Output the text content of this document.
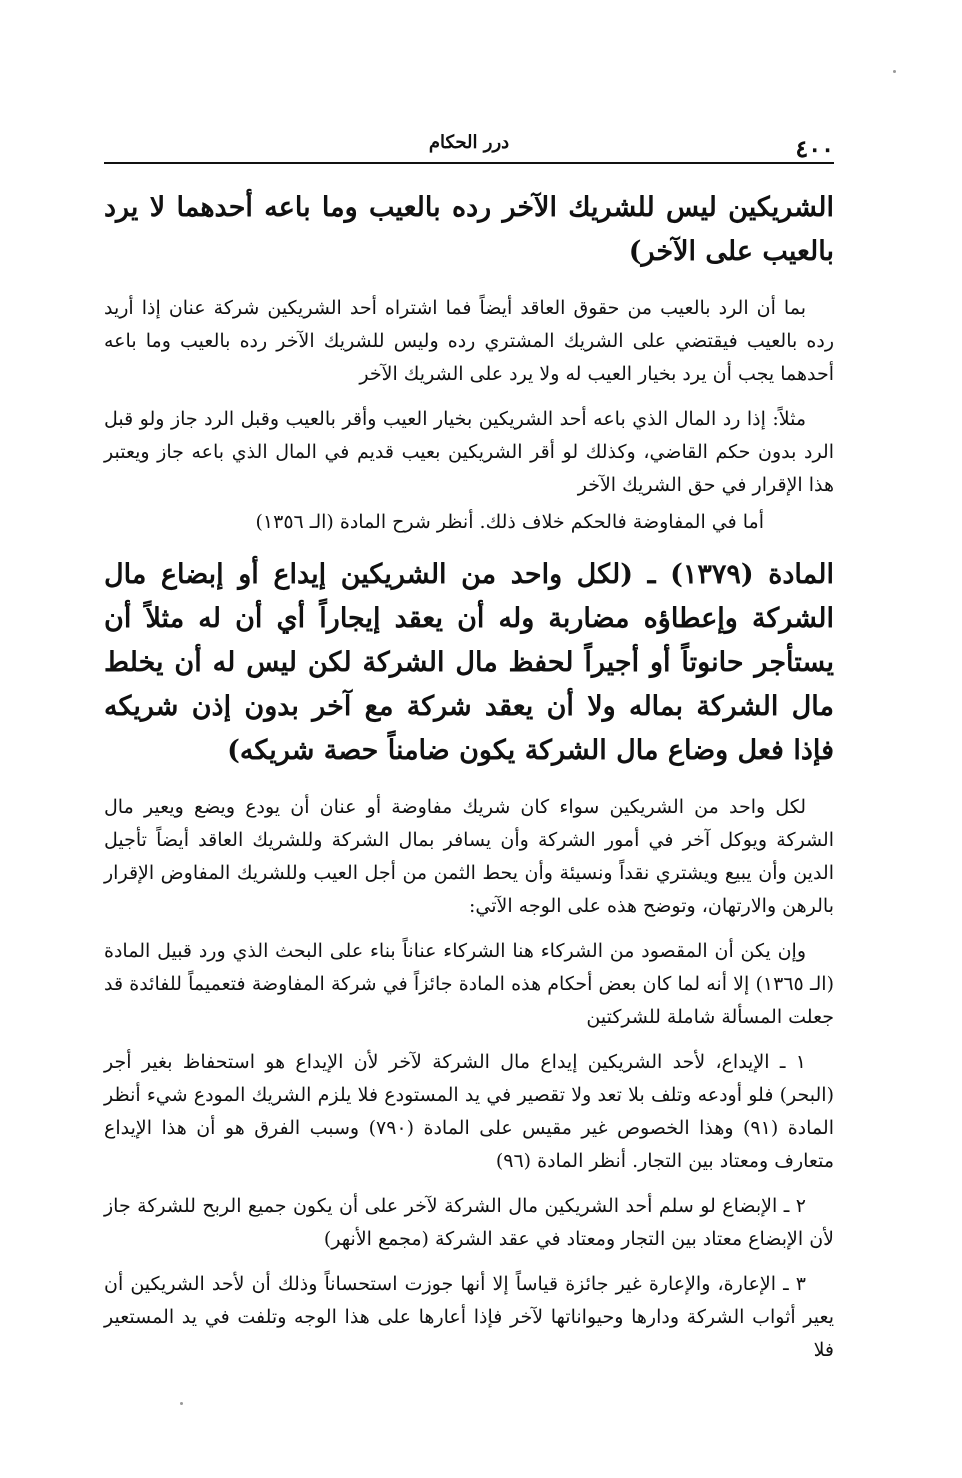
٤٠٠
درر الحكام

الشريكين ليس للشريك الآخر رده بالعيب وما باعه أحدهما لا يرد بالعيب على الآخر)

بما أن الرد بالعيب من حقوق العاقد أيضاً فما اشتراه أحد الشريكين شركة عنان إذا أريد رده بالعيب فيقتضي على الشريك المشتري رده وليس للشريك الآخر رده بالعيب وما باعه أحدهما يجب أن يرد بخيار العيب له ولا يرد على الشريك الآخر

مثلاً: إذا رد المال الذي باعه أحد الشريكين بخيار العيب وأقر بالعيب وقبل الرد جاز ولو قبل الرد بدون حكم القاضي، وكذلك لو أقر الشريكين بعيب قديم في المال الذي باعه جاز ويعتبر هذا الإقرار في حق الشريك الآخر

أما في المفاوضة فالحكم خلاف ذلك. أنظر شرح المادة (الـ ١٣٥٦)

المادة (١٣٧٩) ـ (لكل واحد من الشريكين إيداع أو إبضاع مال الشركة وإعطاؤه مضاربة وله أن يعقد إيجاراً أي أن له مثلاً أن يستأجر حانوتاً أو أجيراً لحفظ مال الشركة لكن ليس له أن يخلط مال الشركة بماله ولا أن يعقد شركة مع آخر بدون إذن شريكه فإذا فعل وضاع مال الشركة يكون ضامناً حصة شريكه)

لكل واحد من الشريكين سواء كان شريك مفاوضة أو عنان أن يودع ويضع ويعير مال الشركة ويوكل آخر في أمور الشركة وأن يسافر بمال الشركة وللشريك العاقد أيضاً تأجيل الدين وأن يبيع ويشتري نقداً ونسيئة وأن يحط الثمن من أجل العيب وللشريك المفاوض الإقرار بالرهن والارتهان، وتوضح هذه على الوجه الآتي:

وإن يكن أن المقصود من الشركاء هنا الشركاء عناناً بناء على البحث الذي ورد قبيل المادة (الـ ١٣٦٥) إلا أنه لما كان بعض أحكام هذه المادة جائزاً في شركة المفاوضة فتعميماً للفائدة قد جعلت المسألة شاملة للشركتين

١ ـ الإيداع، لأحد الشريكين إيداع مال الشركة لآخر لأن الإيداع هو استحفاظ بغير أجر (البحر) فلو أودعه وتلف بلا تعد ولا تقصير في يد المستودع فلا يلزم الشريك المودع شيء أنظر المادة (٩١) وهذا الخصوص غير مقيس على المادة (٧٩٠) وسبب الفرق هو أن هذا الإيداع متعارف ومعتاد بين التجار. أنظر المادة (٩٦)

٢ ـ الإبضاع لو سلم أحد الشريكين مال الشركة لآخر على أن يكون جميع الربح للشركة جاز لأن الإبضاع معتاد بين التجار ومعتاد في عقد الشركة (مجمع الأنهر)

٣ ـ الإعارة، والإعارة غير جائزة قياساً إلا أنها جوزت استحساناً وذلك أن لأحد الشريكين أن يعير أثواب الشركة ودارها وحيواناتها لآخر فإذا أعارها على هذا الوجه وتلفت في يد المستعير فلا
